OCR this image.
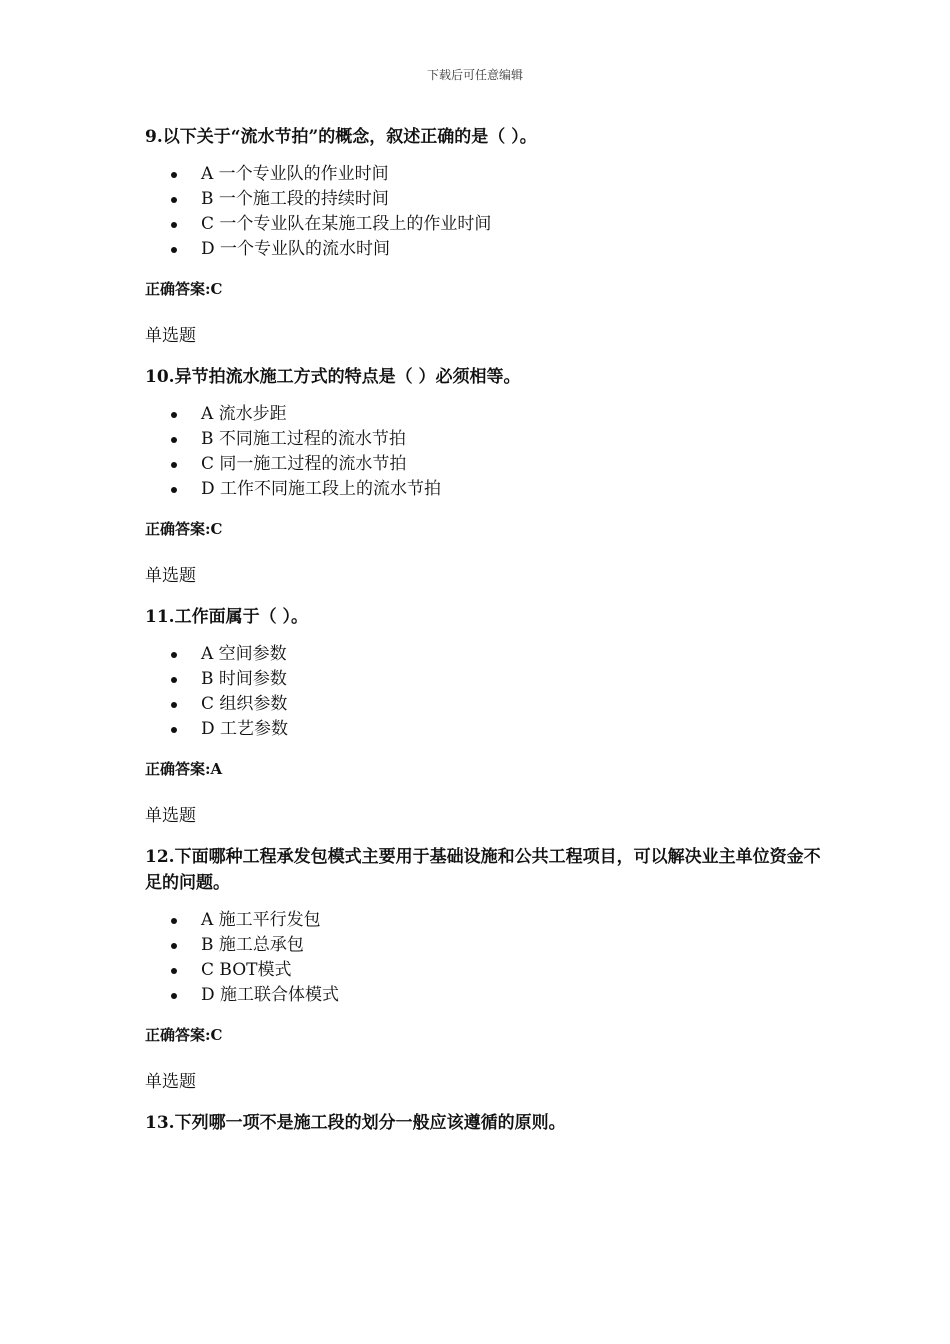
下载后可任意编辑
9.以下关于“流水节拍”的概念，叙述正确的是（ ）。
A 一个专业队的作业时间
B 一个施工段的持续时间
C 一个专业队在某施工段上的作业时间
D 一个专业队的流水时间
正确答案:C
单选题
10.异节拍流水施工方式的特点是（ ）必须相等。
A 流水步距
B 不同施工过程的流水节拍
C 同一施工过程的流水节拍
D 工作不同施工段上的流水节拍
正确答案:C
单选题
11.工作面属于（ ）。
A 空间参数
B 时间参数
C 组织参数
D 工艺参数
正确答案:A
单选题
12.下面哪种工程承发包模式主要用于基础设施和公共工程项目，可以解决业主单位资金不足的问题。
A 施工平行发包
B 施工总承包
C BOT模式
D 施工联合体模式
正确答案:C
单选题
13.下列哪一项不是施工段的划分一般应该遵循的原则。
